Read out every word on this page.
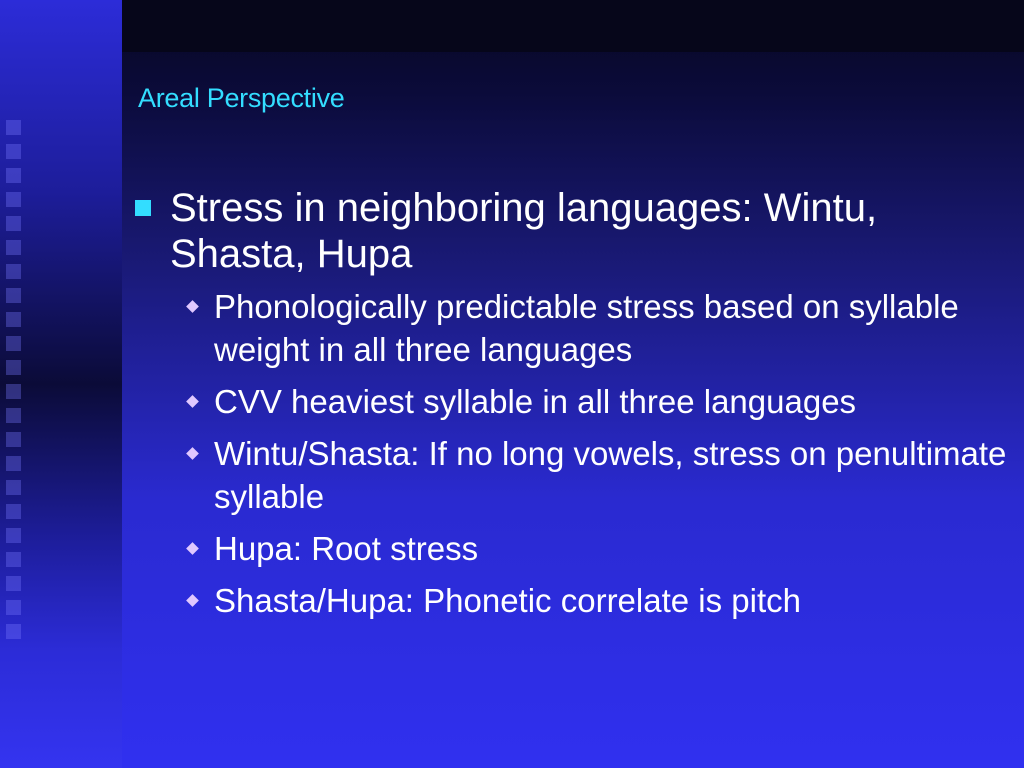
Areal Perspective
Stress in neighboring languages: Wintu, Shasta, Hupa
Phonologically predictable stress based on syllable weight in all three languages
CVV heaviest syllable in all three languages
Wintu/Shasta: If no long vowels, stress on penultimate syllable
Hupa: Root stress
Shasta/Hupa: Phonetic correlate is pitch
